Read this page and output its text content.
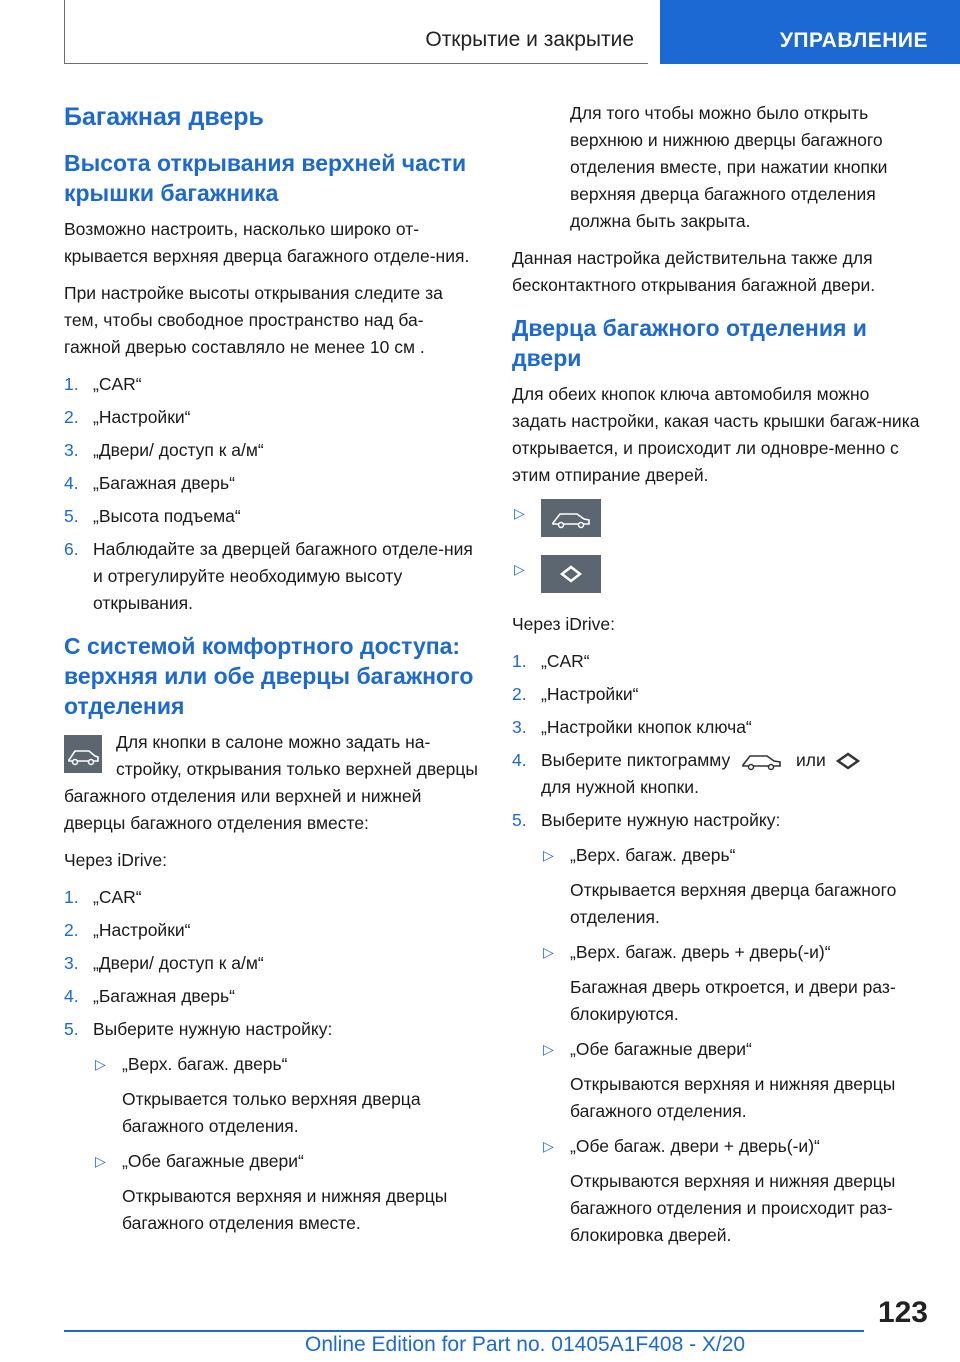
Открытие и закрытие	УПРАВЛЕНИЕ
Багажная дверь
Высота открывания верхней части крышки багажника

Возможно настроить, насколько широко от-крывается верхняя дверца багажного отделе-ния.

При настройке высоты открывания следите за тем, чтобы свободное пространство над ба-гажной дверью составляло не менее 10 см .

1. „CAR“
2. „Настройки“
3. „Двери/ доступ к а/м“
4. „Багажная дверь“
5. „Высота подъема“
6. Наблюдайте за дверцей багажного отделе-ния и отрегулируйте необходимую высоту открывания.
С системой комфортного доступа: верхняя или обе дверцы багажного отделения

Для кнопки в салоне можно задать на-стройку, открывания только верхней дверцы багажного отделения или верхней и нижней дверцы багажного отделения вместе:

Через iDrive:

1. „CAR“
2. „Настройки“
3. „Двери/ доступ к а/м“
4. „Багажная дверь“
5. Выберите нужную настройку:
▷ „Верх. багаж. дверь“
Открывается только верхняя дверца багажного отделения.
▷ „Обе багажные двери“
Открываются верхняя и нижняя дверцы багажного отделения вместе.

Для того чтобы можно было открыть верхнюю и нижнюю дверцы багажного отделения вместе, при нажатии кнопки верхняя дверца багажного отделения должна быть закрыта.

Данная настройка действительна также для бесконтактного открывания багажной двери.

Дверца багажного отделения и двери

Для обеих кнопок ключа автомобиля можно задать настройки, какая часть крышки багаж-ника открывается, и происходит ли одновре-менно с этим отпирание дверей.

▷
▷

Через iDrive:

1. „CAR“
2. „Настройки“
3. „Настройки кнопок ключа“
4. Выберите пиктограмму	или
для нужной кнопки.
5. Выберите нужную настройку:
▷ „Верх. багаж. дверь“
Открывается верхняя дверца багажного отделения.
▷ „Верх. багаж. дверь + дверь(-и)“
Багажная дверь откроется, и двери раз-блокируются.
▷ „Обе багажные двери“
Открываются верхняя и нижняя дверцы багажного отделения.
▷ „Обе багаж. двери + дверь(-и)“
Открываются верхняя и нижняя дверцы багажного отделения и происходит раз-блокировка дверей.
123
Online Edition for Part no. 01405A1F408 - X/20
